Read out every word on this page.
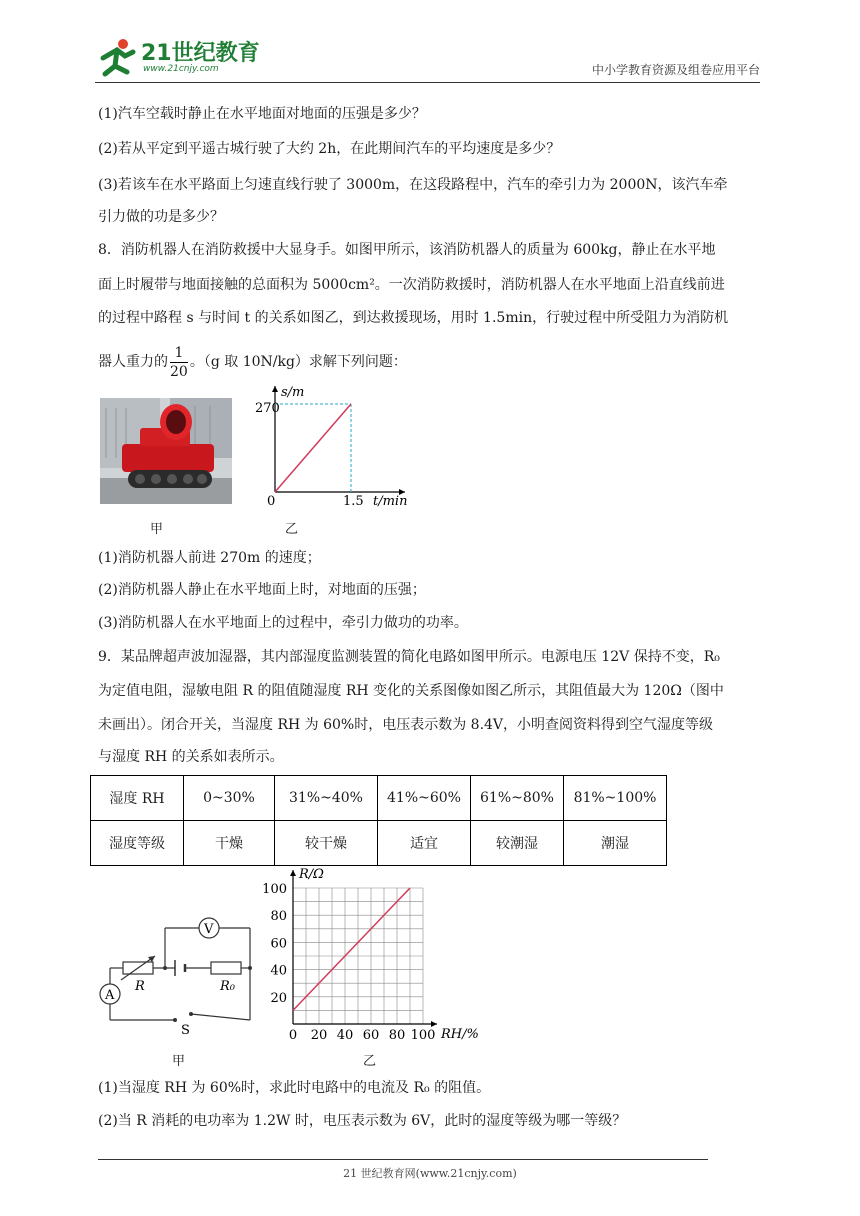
21世纪教育
www.21cnjy.com	中小学教育资源及组卷应用平台
(1)汽车空载时静止在水平地面对地面的压强是多少？
(2)若从平定到平遥古城行驶了大约 2h，在此期间汽车的平均速度是多少？
(3)若该车在水平路面上匀速直线行驶了 3000m，在这段路程中，汽车的牵引力为 2000N，该汽车牵
引力做的功是多少？
8．消防机器人在消防救援中大显身手。如图甲所示，该消防机器人的质量为 600kg，静止在水平地
面上时履带与地面接触的总面积为 5000cm²。一次消防救援时，消防机器人在水平地面上沿直线前进
的过程中路程 s 与时间 t 的关系如图乙，到达救援现场，用时 1.5min，行驶过程中所受阻力为消防机
器人重力的 $\frac{1}{20}$ 。（g 取 10N/kg）求解下列问题：
甲
s/m
t/min
270
1.5
0
乙
(1)消防机器人前进 270m 的速度；
(2)消防机器人静止在水平地面上时，对地面的压强；
(3)消防机器人在水平地面上的过程中，牵引力做功的功率。
9．某品牌超声波加湿器，其内部湿度监测装置的简化电路如图甲所示。电源电压 12V 保持不变，R₀
为定值电阻，湿敏电阻 R 的阻值随湿度 RH 变化的关系图像如图乙所示，其阻值最大为 120Ω（图中
未画出）。闭合开关，当湿度 RH 为 60%时，电压表示数为 8.4V，小明查阅资料得到空气湿度等级
与湿度 RH 的关系如表所示。
湿度 RH	0~30%	31%~40%	41%~60%	61%~80%	81%~100%
湿度等级	干燥	较干燥	适宜	较潮湿	潮湿
V
A
R	R₀
S
甲
20
40
60
80
100
0 20 40 60 80 100
R/Ω
RH/%
乙
(1)当湿度 RH 为 60%时，求此时电路中的电流及 R₀ 的阻值。
(2)当 R 消耗的电功率为 1.2W 时，电压表示数为 6V，此时的湿度等级为哪一等级？
21 世纪教育网(www.21cnjy.com)
